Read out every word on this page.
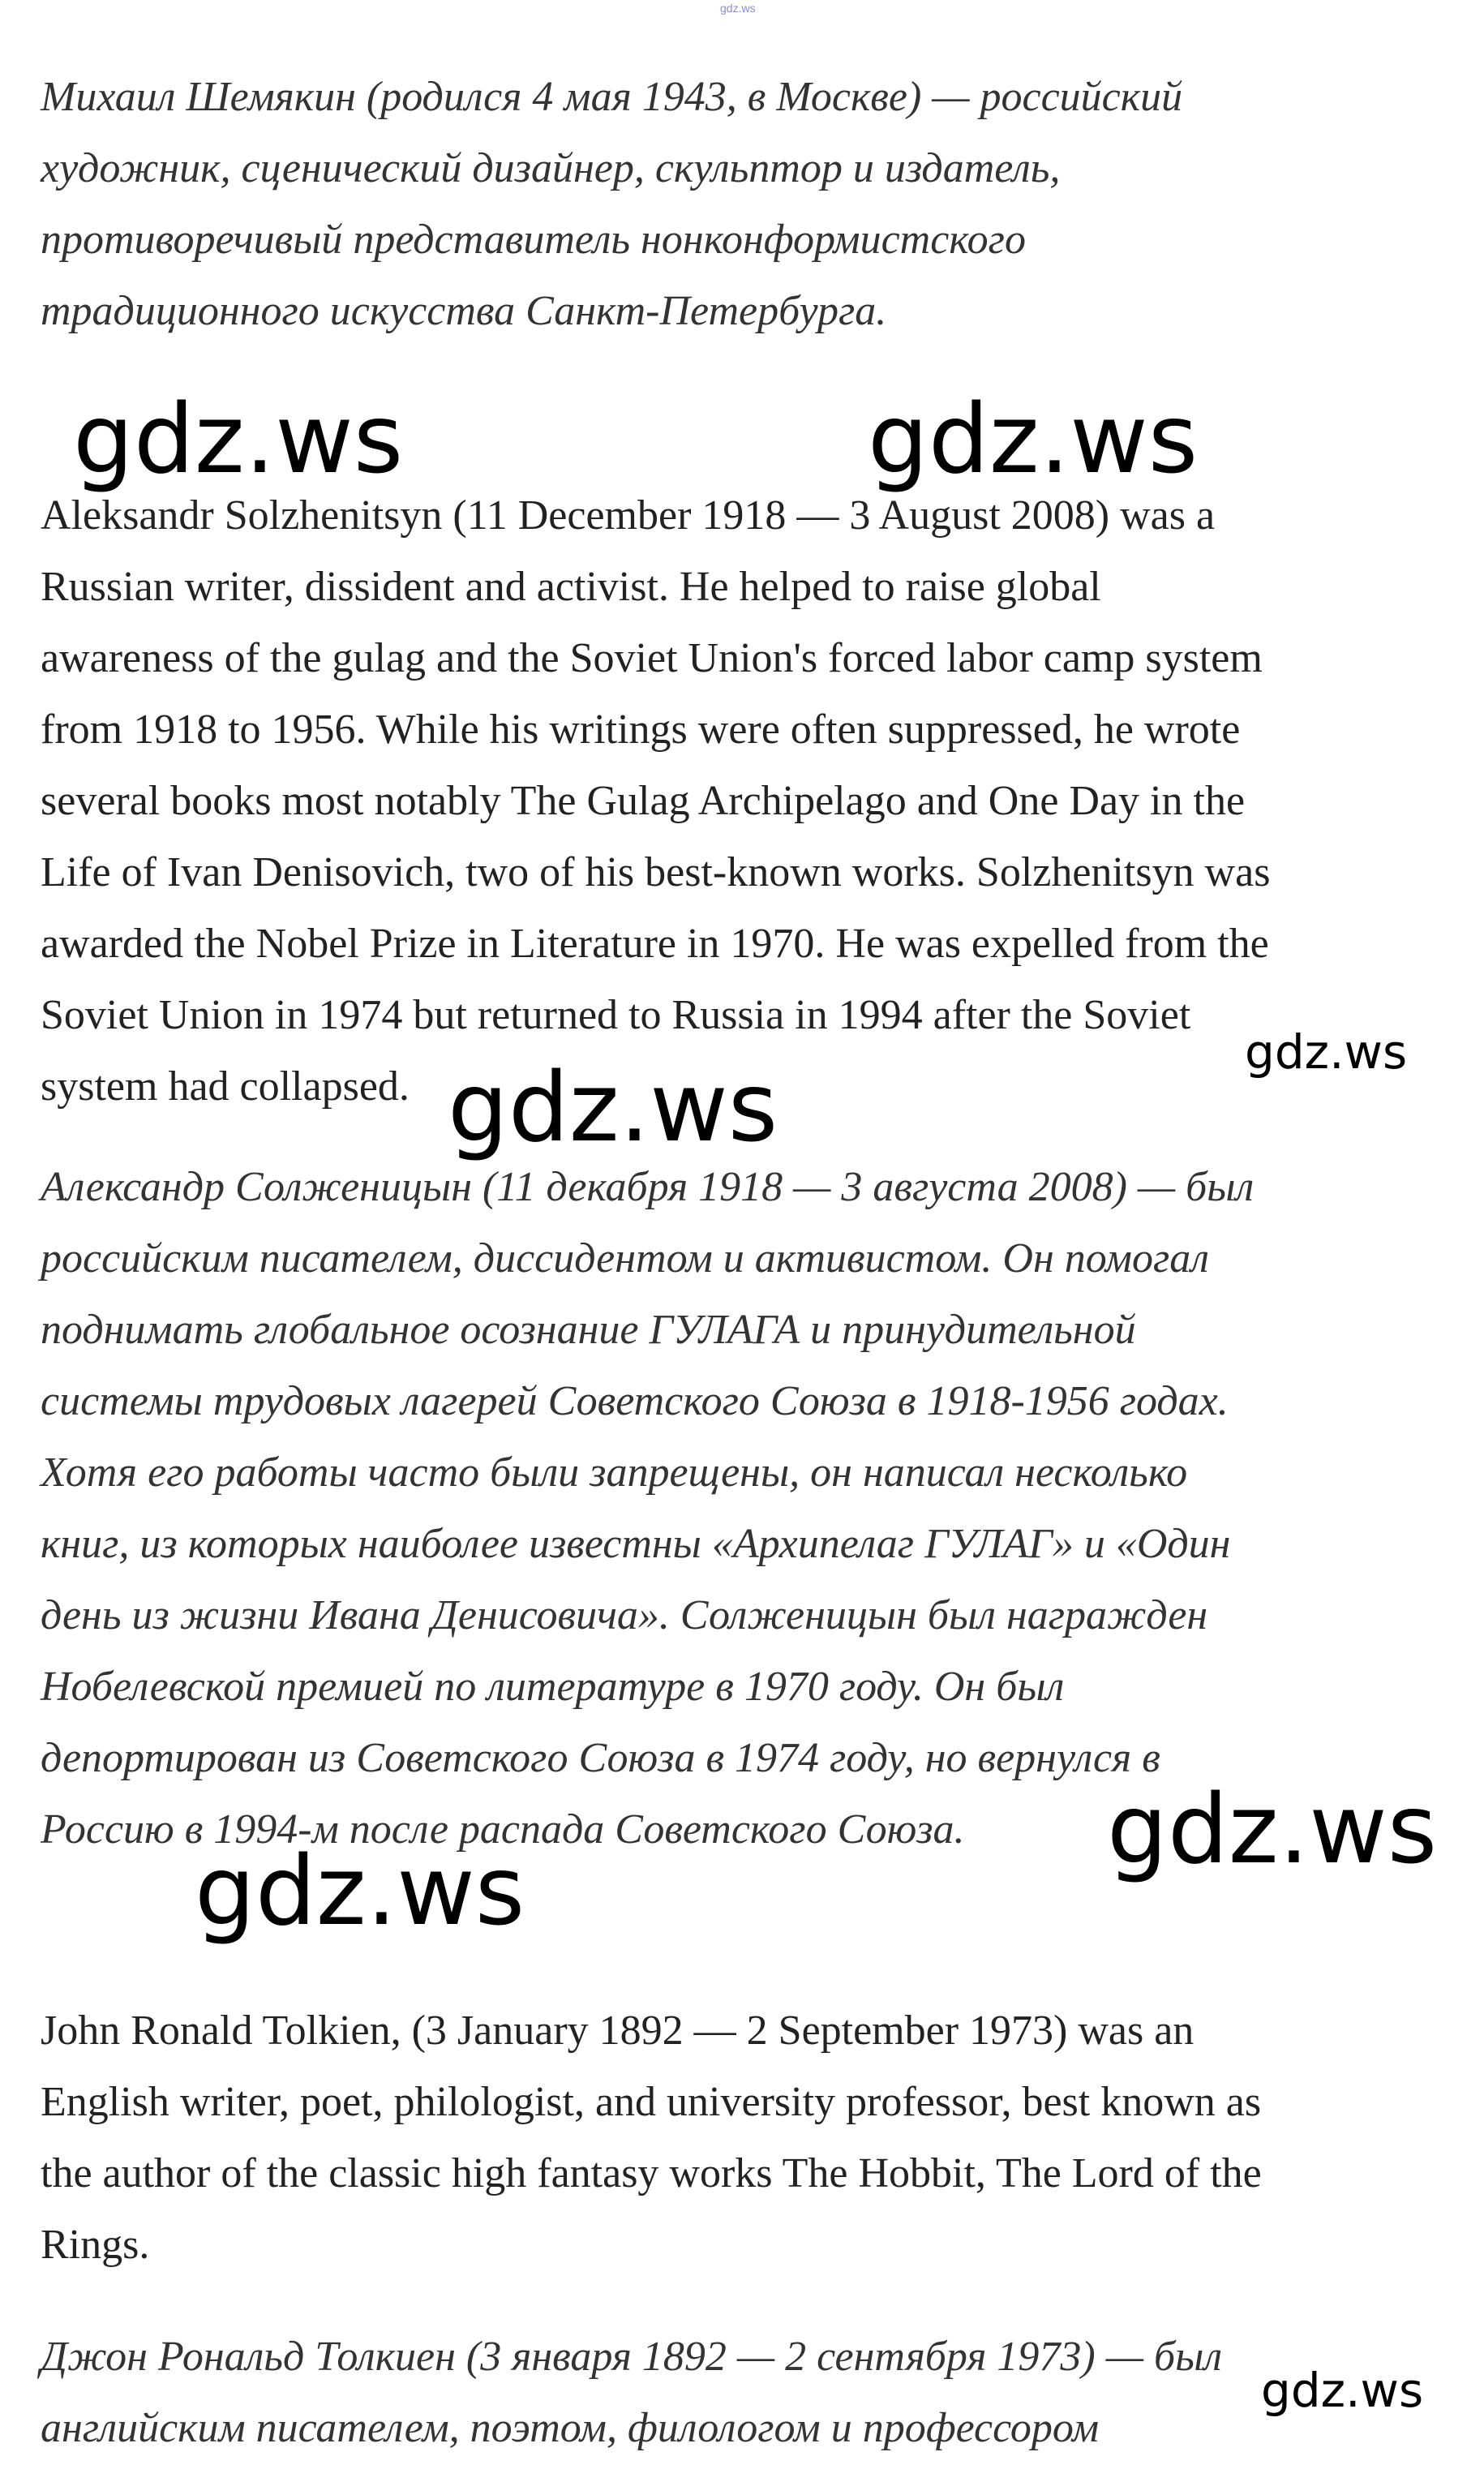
gdz.ws

Михаил Шемякин (родился 4 мая 1943, в Москве) — российский
художник, сценический дизайнер, скульптор и издатель,
противоречивый представитель нонконформистского
традиционного искусства Санкт-Петербурга.

Aleksandr Solzhenitsyn (11 December 1918 — 3 August 2008) was a
Russian writer, dissident and activist. He helped to raise global
awareness of the gulag and the Soviet Union's forced labor camp system
from 1918 to 1956. While his writings were often suppressed, he wrote
several books most notably The Gulag Archipelago and One Day in the
Life of Ivan Denisovich, two of his best-known works. Solzhenitsyn was
awarded the Nobel Prize in Literature in 1970. He was expelled from the
Soviet Union in 1974 but returned to Russia in 1994 after the Soviet
system had collapsed.

Александр Солженицын (11 декабря 1918 — 3 августа 2008) — был
российским писателем, диссидентом и активистом. Он помогал
поднимать глобальное осознание ГУЛАГА и принудительной
системы трудовых лагерей Советского Союза в 1918-1956 годах.
Хотя его работы часто были запрещены, он написал несколько
книг, из которых наиболее известны «Архипелаг ГУЛАГ» и «Один
день из жизни Ивана Денисовича». Солженицын был награжден
Нобелевской премией по литературе в 1970 году. Он был
депортирован из Советского Союза в 1974 году, но вернулся в
Россию в 1994-м после распада Советского Союза.

John Ronald Tolkien, (3 January 1892 — 2 September 1973) was an
English writer, poet, philologist, and university professor, best known as
the author of the classic high fantasy works The Hobbit, The Lord of the
Rings.

Джон Рональд Толкиен (3 января 1892 — 2 сентября 1973) — был
английским писателем, поэтом, филологом и профессором

gdz.ws	gdz.ws
gdz.ws
gdz.ws
gdz.ws
gdz.ws
gdz.ws
